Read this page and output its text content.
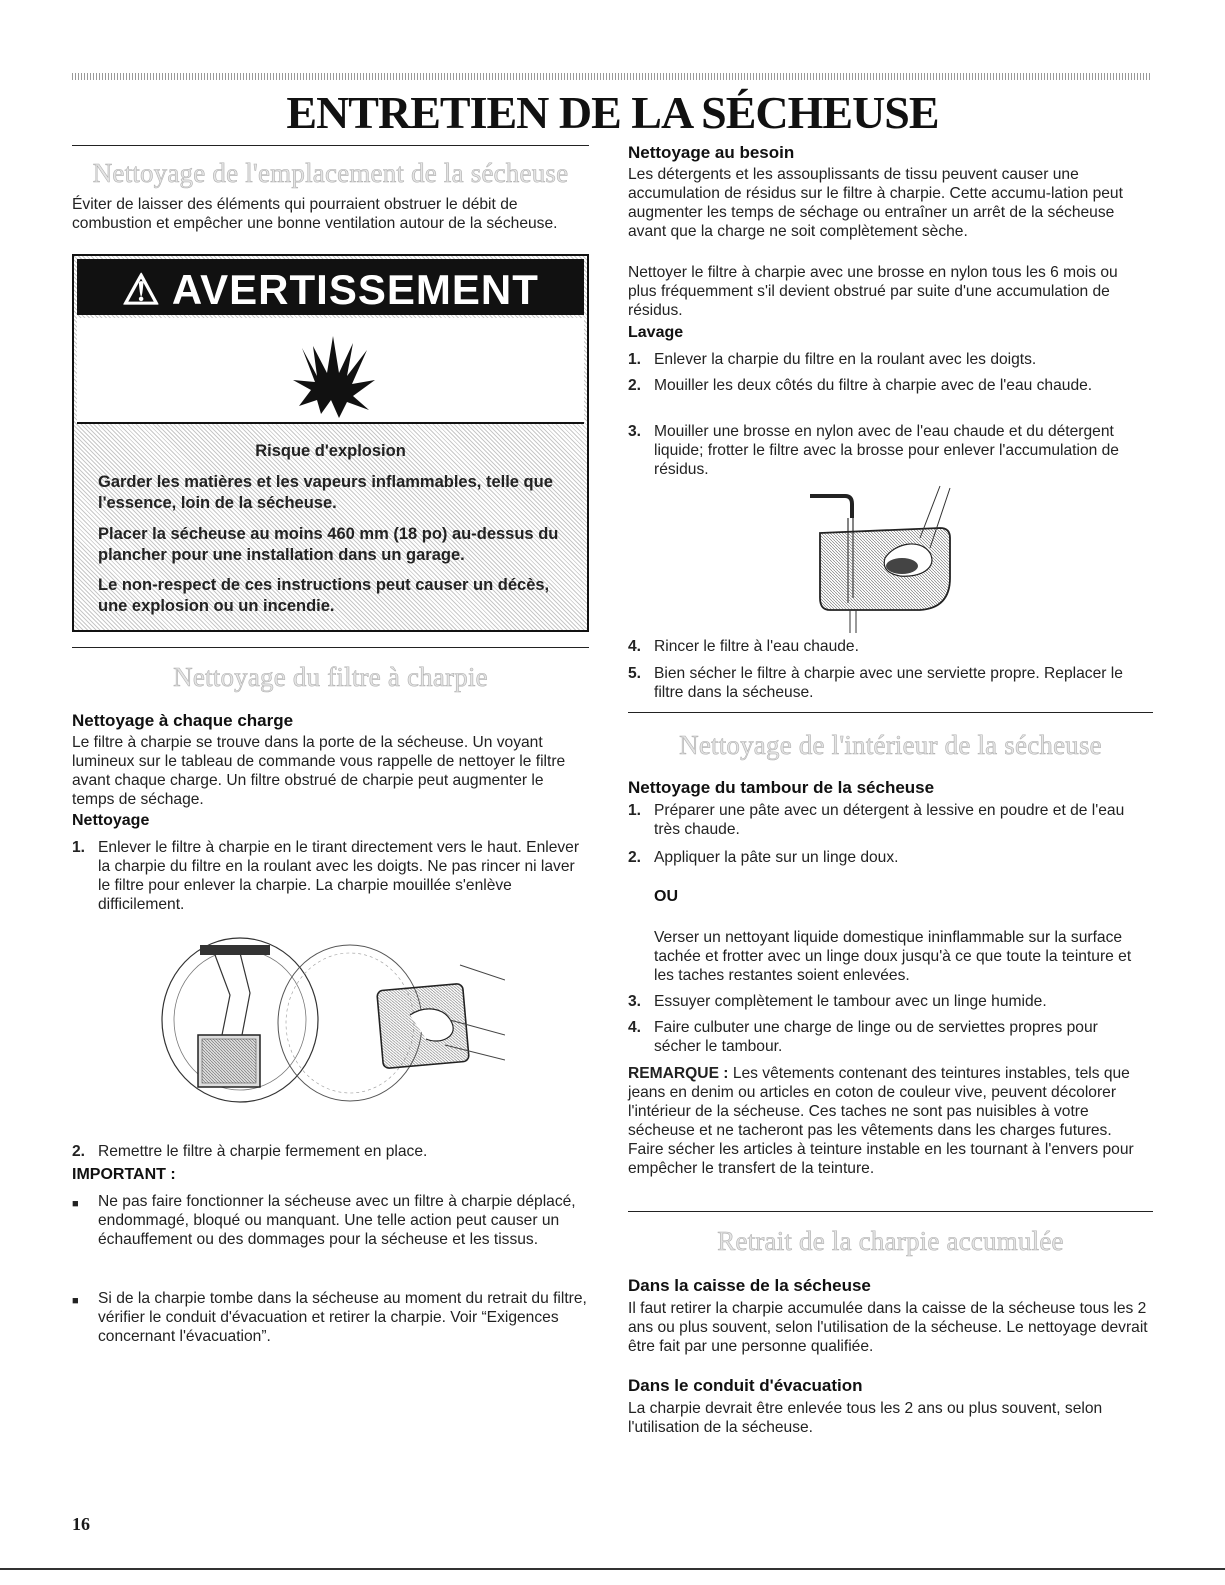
ENTRETIEN DE LA SÉCHEUSE
Nettoyage de l'emplacement de la sécheuse

Éviter de laisser des éléments qui pourraient obstruer le débit de combustion et empêcher une bonne ventilation autour de la sécheuse.

⚠ AVERTISSEMENT
Risque d'explosion
Garder les matières et les vapeurs inflammables, telle que l'essence, loin de la sécheuse.
Placer la sécheuse au moins 460 mm (18 po) au-dessus du plancher pour une installation dans un garage.
Le non-respect de ces instructions peut causer un décès, une explosion ou un incendie.
Nettoyage du filtre à charpie
Nettoyage à chaque charge

Le filtre à charpie se trouve dans la porte de la sécheuse. Un voyant lumineux sur le tableau de commande vous rappelle de nettoyer le filtre avant chaque charge. Un filtre obstrué de charpie peut augmenter le temps de séchage.

Nettoyage
1. Enlever le filtre à charpie en le tirant directement vers le haut. Enlever la charpie du filtre en la roulant avec les doigts. Ne pas rincer ni laver le filtre pour enlever la charpie. La charpie mouillée s'enlève difficilement.
2. Remettre le filtre à charpie fermement en place.
IMPORTANT :
■ Ne pas faire fonctionner la sécheuse avec un filtre à charpie déplacé, endommagé, bloqué ou manquant. Une telle action peut causer un échauffement ou des dommages pour la sécheuse et les tissus.
■ Si de la charpie tombe dans la sécheuse au moment du retrait du filtre, vérifier le conduit d'évacuation et retirer la charpie. Voir “Exigences concernant l'évacuation”.
Nettoyage au besoin

Les détergents et les assouplissants de tissu peuvent causer une accumulation de résidus sur le filtre à charpie. Cette accumu-lation peut augmenter les temps de séchage ou entraîner un arrêt de la sécheuse avant que la charge ne soit complètement sèche.

Nettoyer le filtre à charpie avec une brosse en nylon tous les 6 mois ou plus fréquemment s'il devient obstrué par suite d'une accumulation de résidus.

Lavage
1. Enlever la charpie du filtre en la roulant avec les doigts.
2. Mouiller les deux côtés du filtre à charpie avec de l'eau chaude.
3. Mouiller une brosse en nylon avec de l'eau chaude et du détergent liquide; frotter le filtre avec la brosse pour enlever l'accumulation de résidus.
4. Rincer le filtre à l'eau chaude.
5. Bien sécher le filtre à charpie avec une serviette propre. Replacer le filtre dans la sécheuse.
Nettoyage de l'intérieur de la sécheuse
Nettoyage du tambour de la sécheuse
1. Préparer une pâte avec un détergent à lessive en poudre et de l'eau très chaude.
2. Appliquer la pâte sur un linge doux.
OU

Verser un nettoyant liquide domestique ininflammable sur la surface tachée et frotter avec un linge doux jusqu'à ce que toute la teinture et les taches restantes soient enlevées.

3. Essuyer complètement le tambour avec un linge humide.
4. Faire culbuter une charge de linge ou de serviettes propres pour sécher le tambour.

REMARQUE : Les vêtements contenant des teintures instables, tels que jeans en denim ou articles en coton de couleur vive, peuvent décolorer l'intérieur de la sécheuse. Ces taches ne sont pas nuisibles à votre sécheuse et ne tacheront pas les vêtements dans les charges futures. Faire sécher les articles à teinture instable en les tournant à l'envers pour empêcher le transfert de la teinture.

Retrait de la charpie accumulée
Dans la caisse de la sécheuse

Il faut retirer la charpie accumulée dans la caisse de la sécheuse tous les 2 ans ou plus souvent, selon l'utilisation de la sécheuse. Le nettoyage devrait être fait par une personne qualifiée.

Dans le conduit d'évacuation

La charpie devrait être enlevée tous les 2 ans ou plus souvent, selon l'utilisation de la sécheuse.

16
